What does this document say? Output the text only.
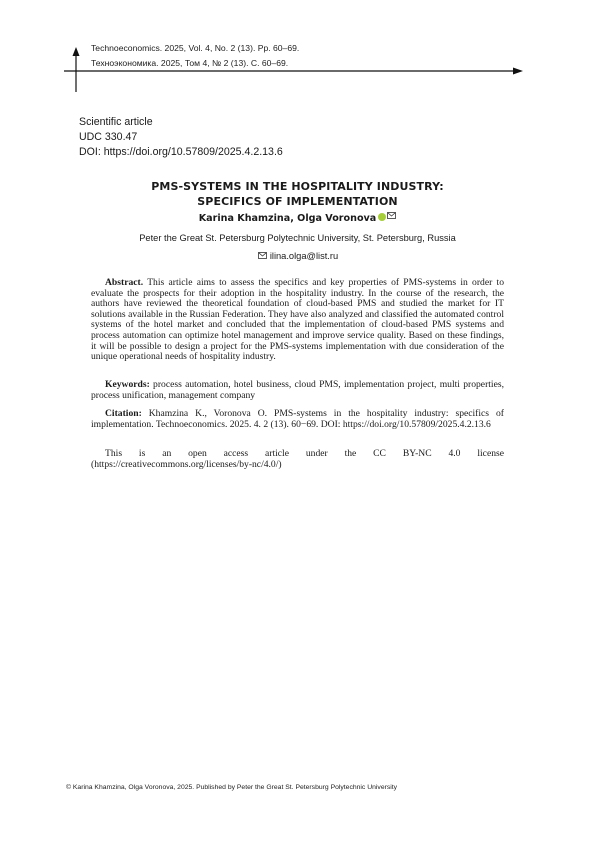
Technoeconomics. 2025, Vol. 4, No. 2 (13). Pp. 60–69.
Техноэкономика. 2025, Том 4, № 2 (13). С. 60–69.
Scientific article
UDC 330.47
DOI: https://doi.org/10.57809/2025.4.2.13.6
PMS-SYSTEMS IN THE HOSPITALITY INDUSTRY:
SPECIFICS OF IMPLEMENTATION
Karina Khamzina, Olga Voronova
Peter the Great St. Petersburg Polytechnic University, St. Petersburg, Russia
ilina.olga@list.ru
Abstract. This article aims to assess the specifics and key properties of PMS-systems in order to evaluate the prospects for their adoption in the hospitality industry. In the course of the research, the authors have reviewed the theoretical foundation of cloud-based PMS and studied the market for IT solutions available in the Russian Federation. They have also analyzed and classified the automated control systems of the hotel market and concluded that the implementation of cloud-based PMS systems and process automation can optimize hotel management and improve service quality. Based on these findings, it will be possible to design a project for the PMS-systems implementation with due consideration of the unique operational needs of hospitality industry.
Keywords: process automation, hotel business, cloud PMS, implementation project, multi properties, process unification, management company
Citation: Khamzina K., Voronova O. PMS-systems in the hospitality industry: specifics of implementation. Technoeconomics. 2025. 4. 2 (13). 60−69. DOI: https://doi.org/10.57809/2025.4.2.13.6
This is an open access article under the CC BY-NC 4.0 license (https://creativecommons.org/licenses/by-nc/4.0/)
© Karina Khamzina, Olga Voronova, 2025. Published by Peter the Great St. Petersburg Polytechnic University
